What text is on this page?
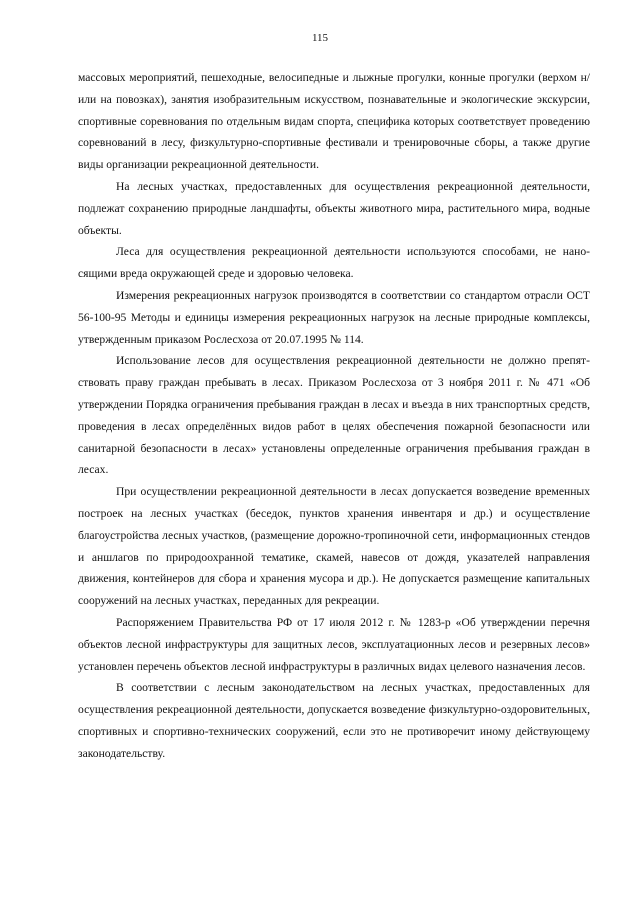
115

массовых мероприятий, пешеходные, велосипедные и лыжные прогулки, конные прогулки (верхом н/или на повозках), занятия изобразительным искусством, познавательные и экологические экскурсии, спортивные соревнования по отдельным видам спорта, специфика которых соответствует проведению соревнований в лесу, физкультурно-спортивные фестивали и тренировочные сборы, а также другие виды организации рекреационной деятельности.

На лесных участках, предоставленных для осуществления рекреационной деятельности, подлежат сохранению природные ландшафты, объекты животного мира, растительного мира, водные объекты.

Леса для осуществления рекреационной деятельности используются способами, не наносящими вреда окружающей среде и здоровью человека.

Измерения рекреационных нагрузок производятся в соответствии со стандартом отрасли ОСТ 56-100-95 Методы и единицы измерения рекреационных нагрузок на лесные природные комплексы, утвержденным приказом Рослесхоза от 20.07.1995 № 114.

Использование лесов для осуществления рекреационной деятельности не должно препятствовать праву граждан пребывать в лесах. Приказом Рослесхоза от 3 ноября 2011 г. № 471 «Об утверждении Порядка ограничения пребывания граждан в лесах и въезда в них транспортных средств, проведения в лесах определённых видов работ в целях обеспечения пожарной безопасности или санитарной безопасности в лесах» установлены определенные ограничения пребывания граждан в лесах.

При осуществлении рекреационной деятельности в лесах допускается возведение временных построек на лесных участках (беседок, пунктов хранения инвентаря и др.) и осуществление благоустройства лесных участков, (размещение дорожно-тропиночной сети, информационных стендов и аншлагов по природоохранной тематике, скамей, навесов от дождя, указателей направления движения, контейнеров для сбора и хранения мусора и др.). Не допускается размещение капитальных сооружений на лесных участках, переданных для рекреации.

Распоряжением Правительства РФ от 17 июля 2012 г. № 1283-р «Об утверждении перечня объектов лесной инфраструктуры для защитных лесов, эксплуатационных лесов и резервных лесов» установлен перечень объектов лесной инфраструктуры в различных видах целевого назначения лесов.

В соответствии с лесным законодательством на лесных участках, предоставленных для осуществления рекреационной деятельности, допускается возведение физкультурно-оздоровительных, спортивных и спортивно-технических сооружений, если это не противоречит иному действующему законодательству.
